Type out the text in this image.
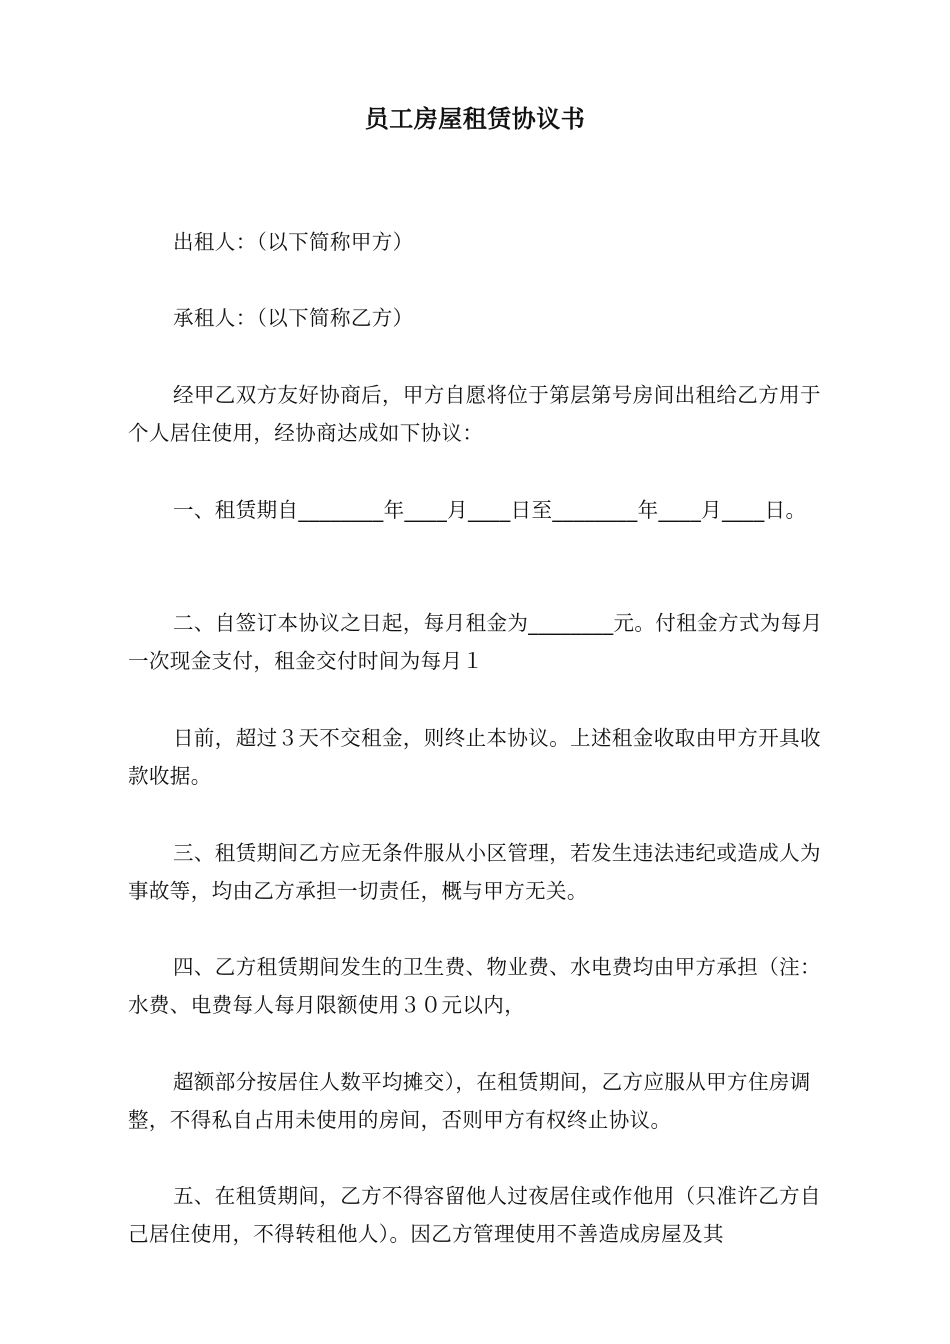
员工房屋租赁协议书
出租人：（以下简称甲方）
承租人：（以下简称乙方）
经甲乙双方友好协商后，甲方自愿将位于第层第号房间出租给乙方用于个人居住使用，经协商达成如下协议：
一、租赁期自________年____月____日至________年____月____日。
二、自签订本协议之日起，每月租金为________元。付租金方式为每月一次现金支付，租金交付时间为每月１
日前，超过３天不交租金，则终止本协议。上述租金收取由甲方开具收款收据。
三、租赁期间乙方应无条件服从小区管理，若发生违法违纪或造成人为事故等，均由乙方承担一切责任，概与甲方无关。
四、乙方租赁期间发生的卫生费、物业费、水电费均由甲方承担（注：水费、电费每人每月限额使用３０元以内，
超额部分按居住人数平均摊交），在租赁期间，乙方应服从甲方住房调整，不得私自占用未使用的房间，否则甲方有权终止协议。
五、在租赁期间，乙方不得容留他人过夜居住或作他用（只准许乙方自己居住使用，不得转租他人）。因乙方管理使用不善造成房屋及其
